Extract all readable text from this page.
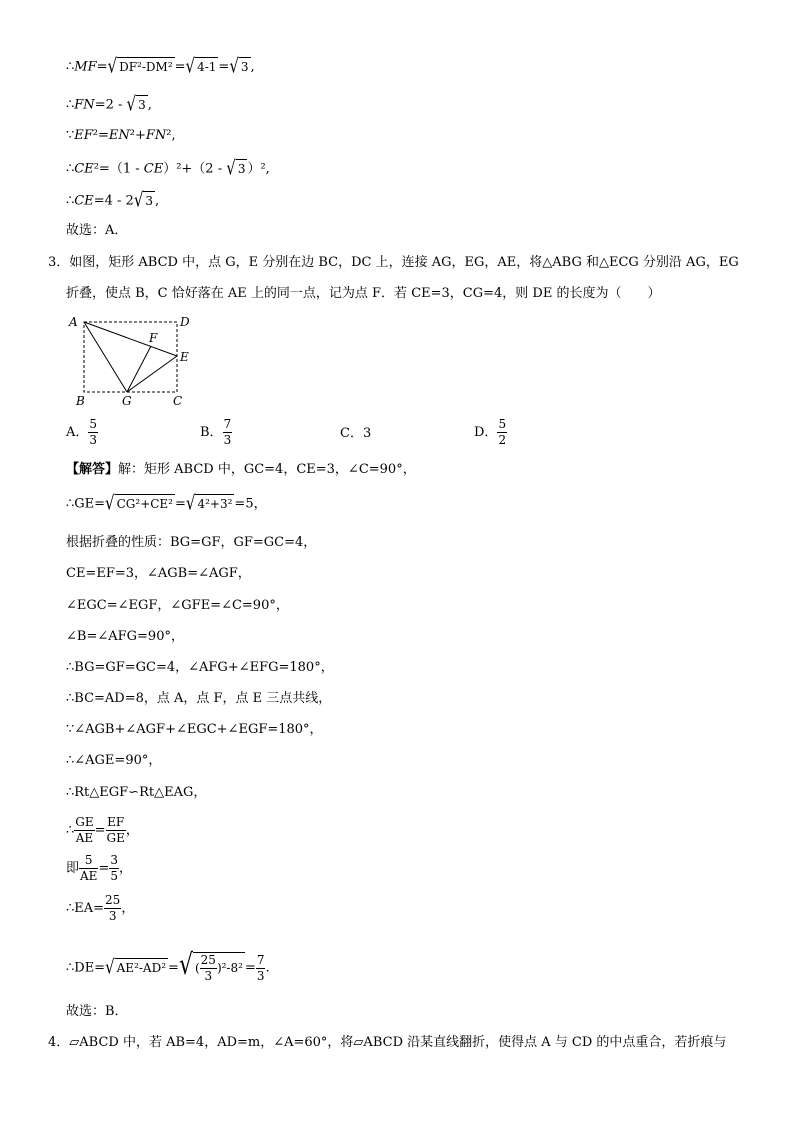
∴MF=√ DF²-DM² =√ 4-1 =√ 3 ,
∴FN=2 - √ 3 ,
∵EF²=EN²+FN²,
∴CE²=（1 - CE）²+（2 - √ 3 ）²,
∴CE=4 - 2√ 3 ,
故选：A．
3．如图，矩形 ABCD 中，点 G，E 分别在边 BC，DC 上，连接 AG，EG，AE，将△ABG 和△ECG 分别沿 AG，EG
折叠，使点 B，C 恰好落在 AE 上的同一点，记为点 F．若 CE=3，CG=4，则 DE 的长度为（　　）
A	D
F
E
B	G	C
A． $\frac{5}{3}$	B． $\frac{7}{3}$	C．3	D． $\frac{5}{2}$
【解答】解：矩形 ABCD 中，GC=4，CE=3，∠C=90°，
∴GE=√ CG²+CE² =√ 4²+3² =5，
根据折叠的性质：BG=GF，GF=GC=4，
CE=EF=3，∠AGB=∠AGF，
∠EGC=∠EGF，∠GFE=∠C=90°，
∠B=∠AFG=90°，
∴BG=GF=GC=4，∠AFG+∠EFG=180°，
∴BC=AD=8，点 A，点 F，点 E 三点共线，
∵∠AGB+∠AGF+∠EGC+∠EGF=180°，
∴∠AGE=90°，
∴Rt△EGF∽Rt△EAG，
∴ $\frac{GE}{AE} = \frac{EF}{GE}$ ，
即 $\frac{5}{AE} = \frac{3}{5}$ ，
∴EA= $\frac{25}{3}$ ，
∴DE=√ AE²-AD² =√ ( $\frac{25}{3} )^2-8^2 = \frac{7}{3}$ .
故选：B．
4．▱ABCD 中，若 AB=4，AD=m，∠A=60°，将▱ABCD 沿某直线翻折，使得点 A 与 CD 的中点重合，若折痕与
